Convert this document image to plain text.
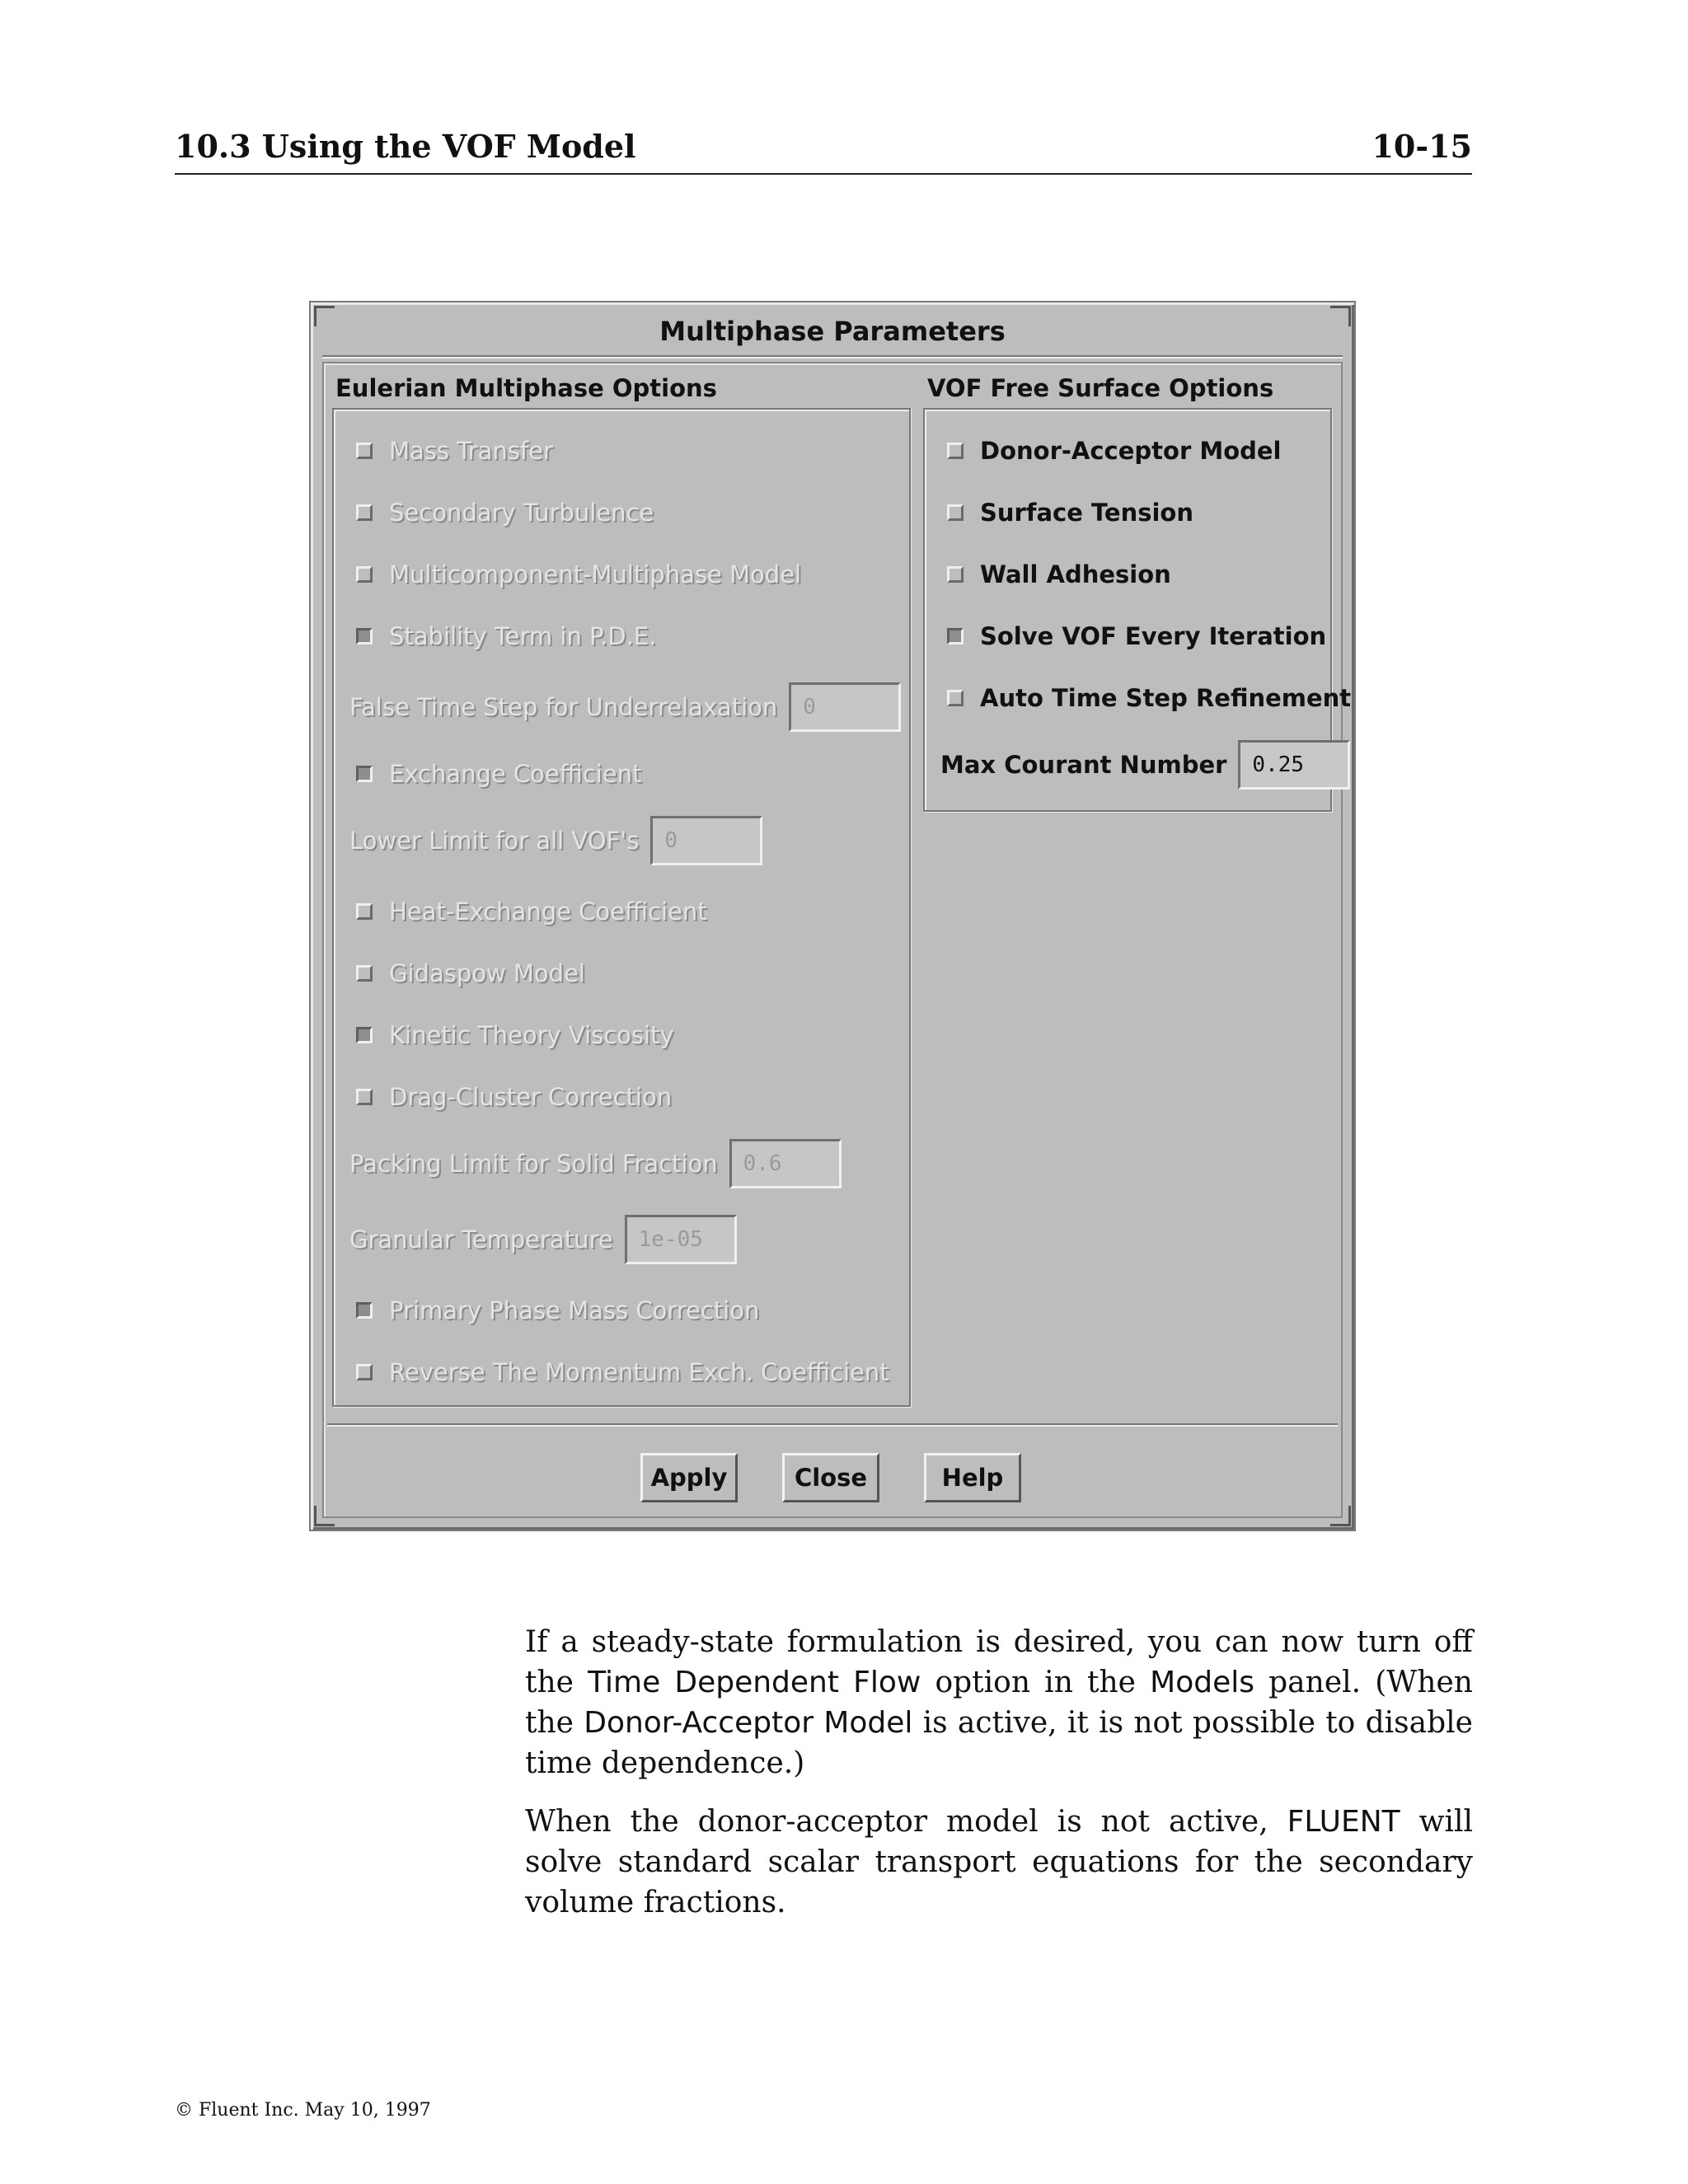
10.3 Using the VOF Model	10-15
Multiphase Parameters
Eulerian Multiphase Options
Mass Transfer
Secondary Turbulence
Multicomponent-Multiphase Model
Stability Term in P.D.E.
False Time Step for Underrelaxation	0
Exchange Coefficient
Lower Limit for all VOF's	0
Heat-Exchange Coefficient
Gidaspow Model
Kinetic Theory Viscosity
Drag-Cluster Correction
Packing Limit for Solid Fraction	0.6
Granular Temperature	1e-05
Primary Phase Mass Correction
Reverse The Momentum Exch. Coefficient
VOF Free Surface Options
Donor-Acceptor Model
Surface Tension
Wall Adhesion
Solve VOF Every Iteration
Auto Time Step Refinement
Max Courant Number	0.25
Apply	Close	Help
If a steady-state formulation is desired, you can now turn off the Time Dependent Flow option in the Models panel. (When the Donor-Acceptor Model is active, it is not possible to disable time dependence.)
When the donor-acceptor model is not active, FLUENT will solve standard scalar transport equations for the secondary volume fractions.
© Fluent Inc. May 10, 1997
